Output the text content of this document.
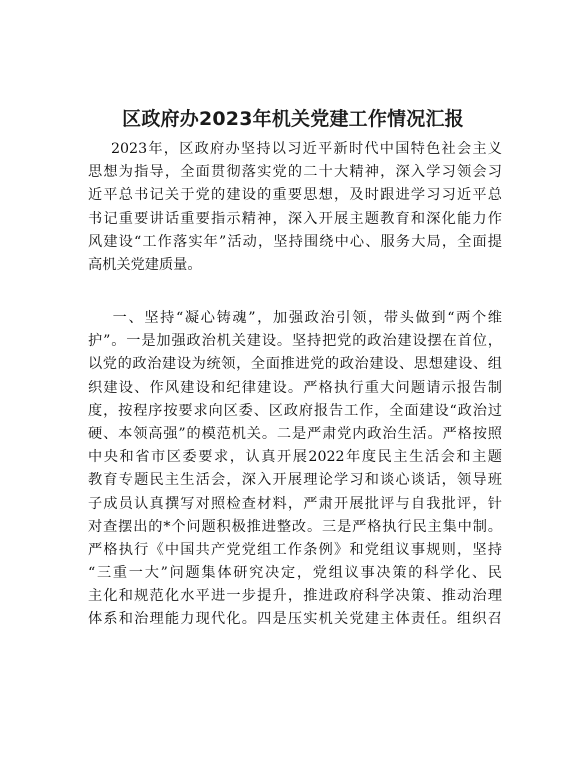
区政府办2023年机关党建工作情况汇报
2023年，区政府办坚持以习近平新时代中国特色社会主义
思想为指导，全面贯彻落实党的二十大精神，深入学习领会习
近平总书记关于党的建设的重要思想，及时跟进学习习近平总
书记重要讲话重要指示精神，深入开展主题教育和深化能力作
风建设“工作落实年”活动，坚持围绕中心、服务大局，全面提
高机关党建质量。
一、坚持“凝心铸魂”，加强政治引领，带头做到“两个维
护”。一是加强政治机关建设。坚持把党的政治建设摆在首位，
以党的政治建设为统领，全面推进党的政治建设、思想建设、组
织建设、作风建设和纪律建设。严格执行重大问题请示报告制
度，按程序按要求向区委、区政府报告工作，全面建设“政治过
硬、本领高强”的模范机关。二是严肃党内政治生活。严格按照
中央和省市区委要求，认真开展2022年度民主生活会和主题
教育专题民主生活会，深入开展理论学习和谈心谈话，领导班
子成员认真撰写对照检查材料，严肃开展批评与自我批评，针
对查摆出的*个问题积极推进整改。三是严格执行民主集中制。
严格执行《中国共产党党组工作条例》和党组议事规则，坚持
“三重一大”问题集体研究决定，党组议事决策的科学化、民
主化和规范化水平进一步提升，推进政府科学决策、推动治理
体系和治理能力现代化。四是压实机关党建主体责任。组织召
